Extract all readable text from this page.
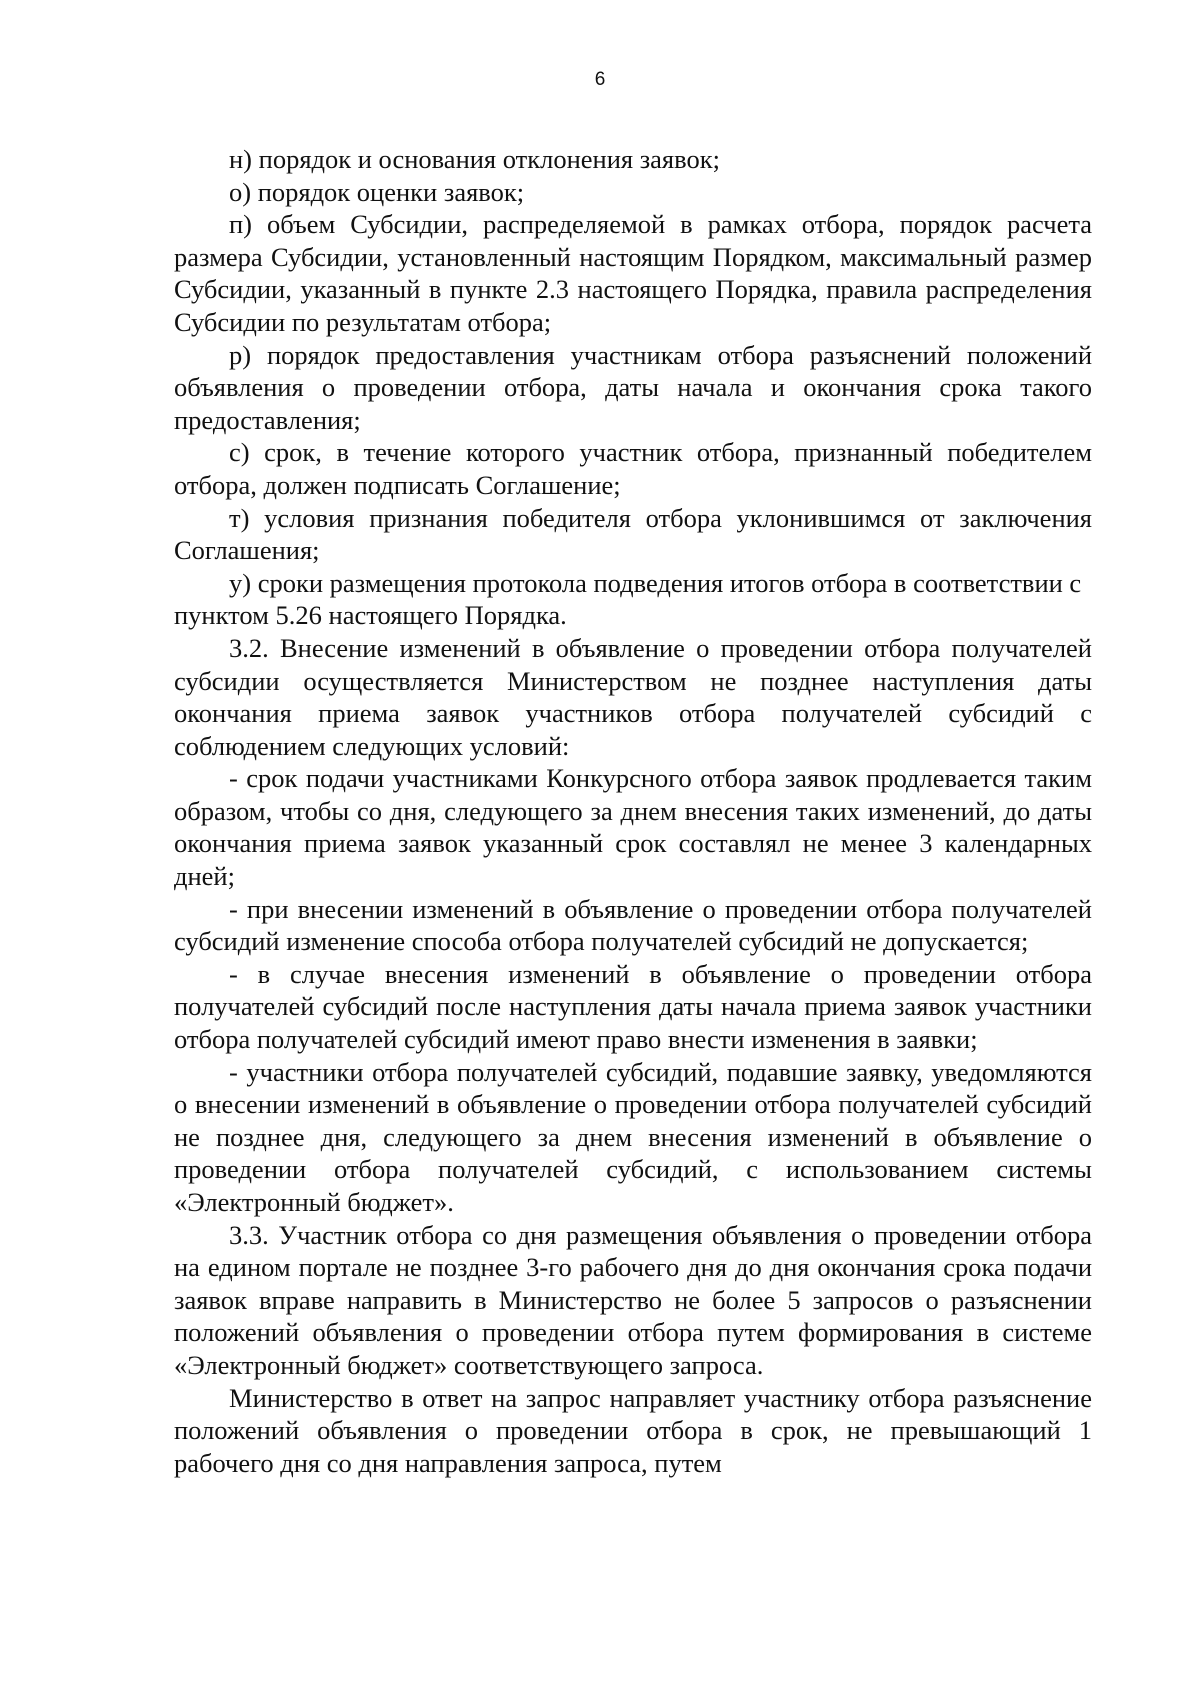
6

н) порядок и основания отклонения заявок;

о) порядок оценки заявок;

п) объем Субсидии, распределяемой в рамках отбора, порядок расчета размера Субсидии, установленный настоящим Порядком, максимальный размер Субсидии, указанный в пункте 2.3 настоящего Порядка, правила распределения Субсидии по результатам отбора;

р) порядок предоставления участникам отбора разъяснений положений объявления о проведении отбора, даты начала и окончания срока такого предоставления;

с) срок, в течение которого участник отбора, признанный победителем отбора, должен подписать Соглашение;

т) условия признания победителя отбора уклонившимся от заключения Соглашения;

у) сроки размещения протокола подведения итогов отбора в соответствии с пунктом 5.26 настоящего Порядка.

3.2. Внесение изменений в объявление о проведении отбора получателей субсидии осуществляется Министерством не позднее наступления даты окончания приема заявок участников отбора получателей субсидий с соблюдением следующих условий:

- срок подачи участниками Конкурсного отбора заявок продлевается таким образом, чтобы со дня, следующего за днем внесения таких изменений, до даты окончания приема заявок указанный срок составлял не менее 3 календарных дней;

- при внесении изменений в объявление о проведении отбора получателей субсидий изменение способа отбора получателей субсидий не допускается;

- в случае внесения изменений в объявление о проведении отбора получателей субсидий после наступления даты начала приема заявок участники отбора получателей субсидий имеют право внести изменения в заявки;

- участники отбора получателей субсидий, подавшие заявку, уведомляются о внесении изменений в объявление о проведении отбора получателей субсидий не позднее дня, следующего за днем внесения изменений в объявление о проведении отбора получателей субсидий, с использованием системы «Электронный бюджет».

3.3. Участник отбора со дня размещения объявления о проведении отбора на едином портале не позднее 3-го рабочего дня до дня окончания срока подачи заявок вправе направить в Министерство не более 5 запросов о разъяснении положений объявления о проведении отбора путем формирования в системе «Электронный бюджет» соответствующего запроса.

Министерство в ответ на запрос направляет участнику отбора разъяснение положений объявления о проведении отбора в срок, не превышающий 1 рабочего дня со дня направления запроса, путем
